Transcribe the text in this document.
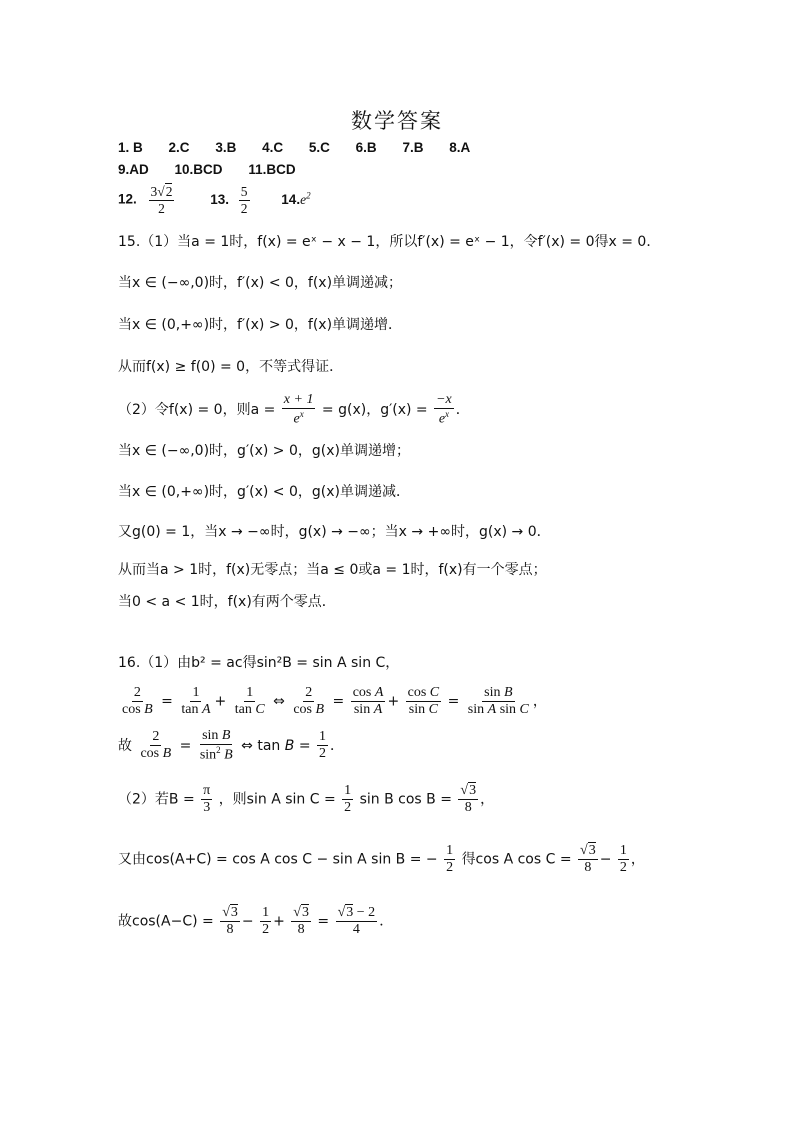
数学答案
1. B 2.C 3.B 4.C 5.C 6.B 7.B 8.A
9.AD 10.BCD 11.BCD
12. $\frac{3√2}{2}$	13. $\frac{5}{2} 14.e^2$
15.（1）当a = 1时，f(x) = eˣ − x − 1，所以f′(x) = eˣ − 1，令f′(x) = 0得x = 0．
当x ∈ (−∞,0)时，f′(x) < 0，f(x)单调递减；
当x ∈ (0,+∞)时，f′(x) > 0，f(x)单调递增．
从而f(x) ≥ f(0) = 0，不等式得证．
（2）令f(x) = 0，则$a = \frac{x + 1}{e^x} = g(x)$，$g'(x) = \frac{-x}{e^x}$ ．
当x ∈ (−∞,0)时，g′(x) > 0，g(x)单调递增；
当x ∈ (0,+∞)时，g′(x) < 0，g(x)单调递减．
又g(0) = 1，当x → −∞时，g(x) → −∞；当x → +∞时，g(x) → 0．
从而当a > 1时，f(x)无零点；当a ≤ 0或a = 1时，f(x)有一个零点；
当0 < a < 1时，f(x)有两个零点．
16.（1）由b² = ac得sin²B = sin A sin C，
$\frac{2}{\text{cos B}} = \frac{1}{\text{tan A}} + \frac{1}{\text{tan C}}$ ⇔ $\frac{2}{\text{cos B}} = \frac{\text{cos A}}{\text{sin A}} + \frac{\text{cos C}}{\text{sin C}} = \frac{\text{sin B}}{\text{sin A sin C}}$ ，
故 $\frac{2}{\text{cos B}} = \frac{\text{sin B}}{\sin^2 B}$ ⇔ $\tan B = \frac{1}{2}$ ．
（2）若$B = \frac{\pi}{3}$ ，则sin A $\sin C = \frac{1}{2}$ sin B $\cos B = \frac{√3}{8}$ ，
又由cos(A+C) = cos A cos C − sin A sin B = − $\frac{1}{2}$ 得cos A $\cos C = \frac{√3}{8} - \frac{1}{2}$ ，
故$\cos(A-C) = \frac{√3}{8} - \frac{1}{2} + \frac{√3}{8} = \frac{√3 - 2}{4}$ ．
